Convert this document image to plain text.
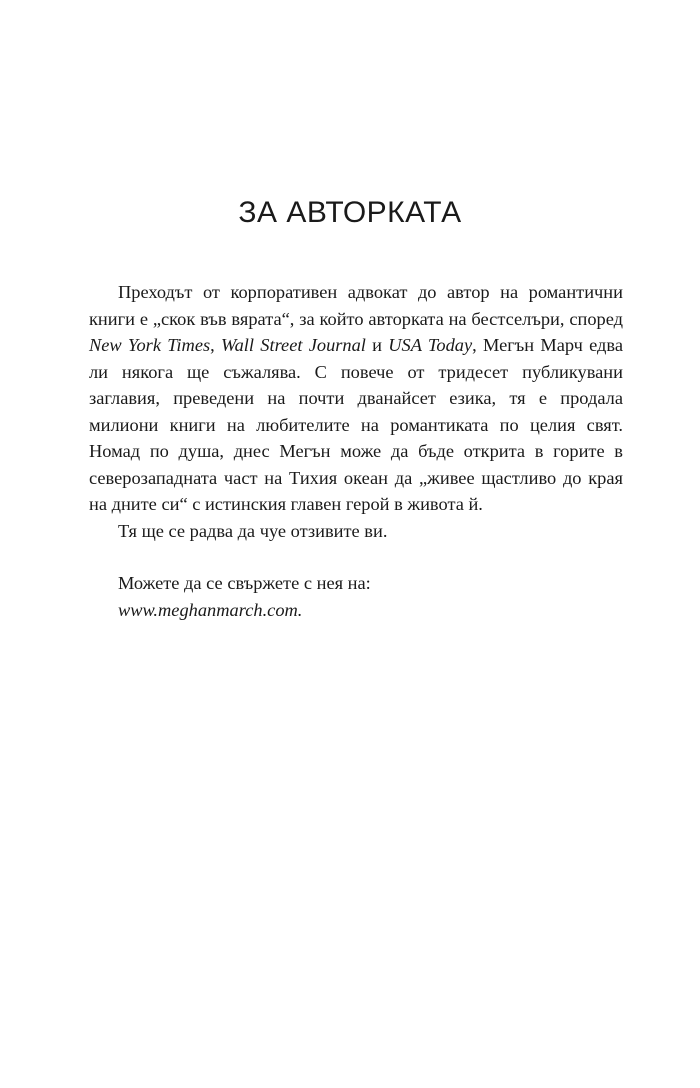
ЗА АВТОРКАТА

Преходът от корпоративен адвокат до автор на романтични книги е „скок във вярата“, за който авторката на бестселъри, според New York Times, Wall Street Journal и USA Today, Мегън Марч едва ли някога ще съжалява. С повече от тридесет публикувани заглавия, преведени на почти дванайсет езика, тя е продала милиони книги на любителите на романтиката по целия свят. Номад по душа, днес Мегън може да бъде открита в горите в северозападната част на Тихия океан да „живее щастливо до края на дните си“ с истинския главен герой в живота й.

Тя ще се радва да чуе отзивите ви.

Можете да се свържете с нея на:

www.meghanmarch.com.
